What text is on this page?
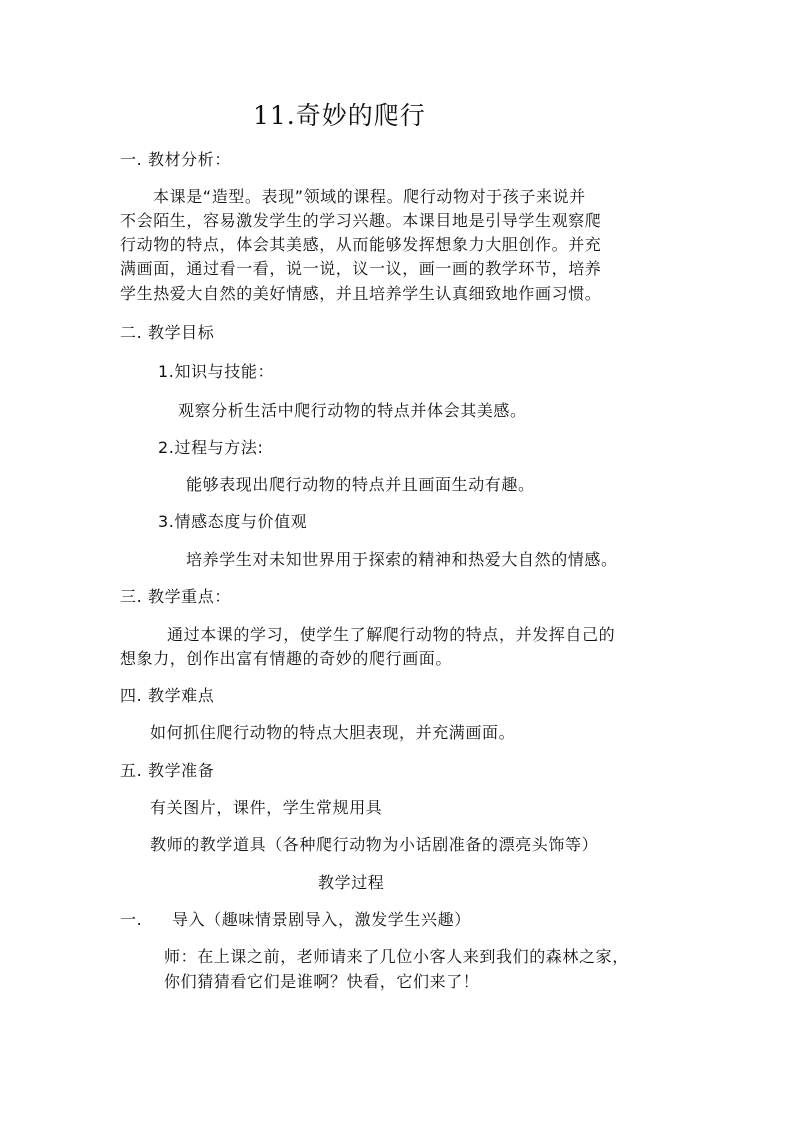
11.奇妙的爬行
一. 教材分析：
本课是“造型。表现”领域的课程。爬行动物对于孩子来说并
不会陌生，容易激发学生的学习兴趣。本课目地是引导学生观察爬
行动物的特点，体会其美感，从而能够发挥想象力大胆创作。并充
满画面，通过看一看，说一说，议一议，画一画的教学环节，培养
学生热爱大自然的美好情感，并且培养学生认真细致地作画习惯。
二. 教学目标
1.知识与技能：
观察分析生活中爬行动物的特点并体会其美感。
2.过程与方法:
能够表现出爬行动物的特点并且画面生动有趣。
3.情感态度与价值观
培养学生对未知世界用于探索的精神和热爱大自然的情感。
三. 教学重点：
通过本课的学习，使学生了解爬行动物的特点，并发挥自己的
想象力，创作出富有情趣的奇妙的爬行画面。
四. 教学难点
如何抓住爬行动物的特点大胆表现，并充满画面。
五. 教学准备
有关图片，课件，学生常规用具
教师的教学道具（各种爬行动物为小话剧准备的漂亮头饰等）
教学过程
一. 导入（趣味情景剧导入，激发学生兴趣）
师：在上课之前，老师请来了几位小客人来到我们的森林之家，
你们猜猜看它们是谁啊？快看，它们来了！
